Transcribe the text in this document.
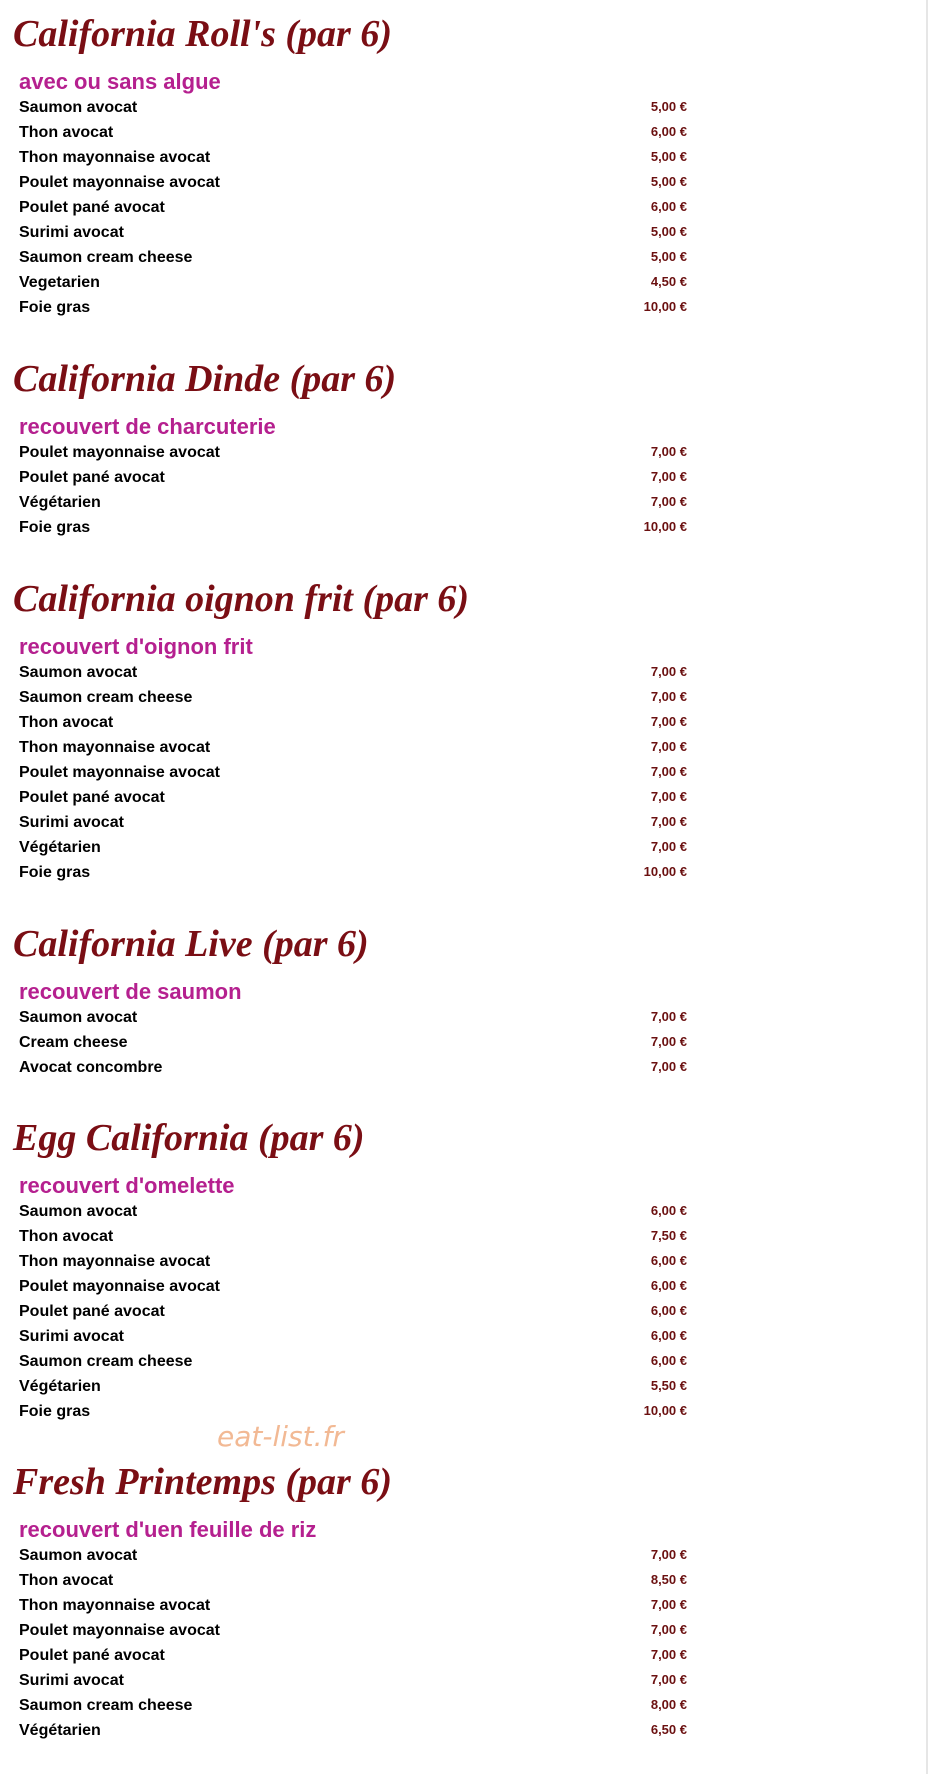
California Roll's (par 6)
avec ou sans algue
Saumon avocat	5,00 €
Thon avocat	6,00 €
Thon mayonnaise avocat	5,00 €
Poulet mayonnaise avocat	5,00 €
Poulet pané avocat	6,00 €
Surimi avocat	5,00 €
Saumon cream cheese	5,00 €
Vegetarien	4,50 €
Foie gras	10,00 €
California Dinde (par 6)
recouvert de charcuterie
Poulet mayonnaise avocat	7,00 €
Poulet pané avocat	7,00 €
Végétarien	7,00 €
Foie gras	10,00 €
California oignon frit (par 6)
recouvert d'oignon frit
Saumon avocat	7,00 €
Saumon cream cheese	7,00 €
Thon avocat	7,00 €
Thon mayonnaise avocat	7,00 €
Poulet mayonnaise avocat	7,00 €
Poulet pané avocat	7,00 €
Surimi avocat	7,00 €
Végétarien	7,00 €
Foie gras	10,00 €
California Live (par 6)
recouvert de saumon
Saumon avocat	7,00 €
Cream cheese	7,00 €
Avocat concombre	7,00 €
Egg California (par 6)
recouvert d'omelette
Saumon avocat	6,00 €
Thon avocat	7,50 €
Thon mayonnaise avocat	6,00 €
Poulet mayonnaise avocat	6,00 €
Poulet pané avocat	6,00 €
Surimi avocat	6,00 €
Saumon cream cheese	6,00 €
Végétarien	5,50 €
Foie gras	10,00 €
Fresh Printemps (par 6)
recouvert d'uen feuille de riz
Saumon avocat	7,00 €
Thon avocat	8,50 €
Thon mayonnaise avocat	7,00 €
Poulet mayonnaise avocat	7,00 €
Poulet pané avocat	7,00 €
Surimi avocat	7,00 €
Saumon cream cheese	8,00 €
Végétarien	6,50 €
eat-list.fr
